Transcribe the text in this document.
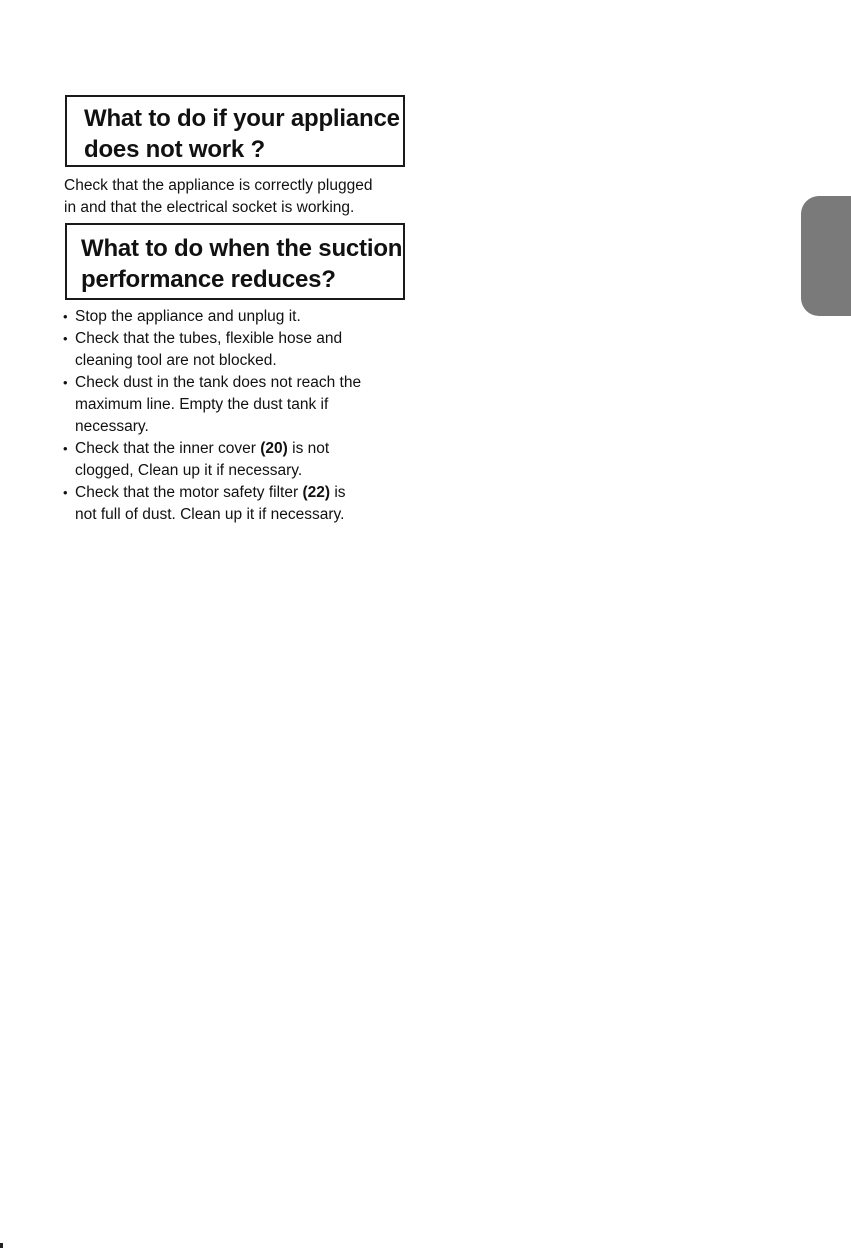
What to do if your appliance
does not work ?
Check that the appliance is correctly plugged
in and that the electrical socket is working.
What to do when the suction
performance reduces?
• Stop the appliance and unplug it.
• Check that the tubes, flexible hose and
cleaning tool are not blocked.
• Check dust in the tank does not reach the
maximum line. Empty the dust tank if
necessary.
• Check that the inner cover (20) is not
clogged, Clean up it if necessary.
• Check that the motor safety filter (22) is
not full of dust. Clean up it if necessary.
